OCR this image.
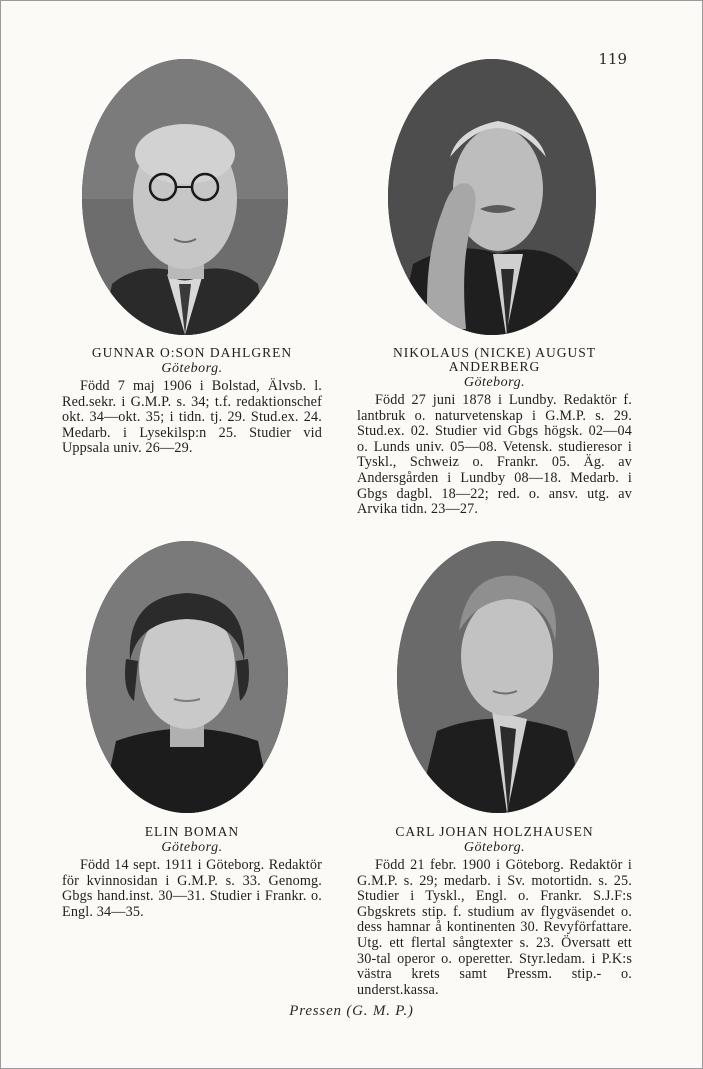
119
GUNNAR O:SON DAHLGREN
Göteborg.

Född 7 maj 1906 i Bolstad, Älvsb. l. Red.sekr. i G.M.P. s. 34; t.f. redaktionschef okt. 34—okt. 35; i tidn. tj. 29. Stud.ex. 24. Medarb. i Lysekilsp:n 25. Studier vid Uppsala univ. 26—29.

NIKOLAUS (NICKE) AUGUST ANDERBERG
Göteborg.

Född 27 juni 1878 i Lundby. Redaktör f. lantbruk o. naturvetenskap i G.M.P. s. 29. Stud.ex. 02. Studier vid Gbgs högsk. 02—04 o. Lunds univ. 05—08. Vetensk. studieresor i Tyskl., Schweiz o. Frankr. 05. Äg. av Andersgården i Lundby 08—18. Medarb. i Gbgs dagbl. 18—22; red. o. ansv. utg. av Arvika tidn. 23—27.

ELIN BOMAN
Göteborg.

Född 14 sept. 1911 i Göteborg. Redaktör för kvinnosidan i G.M.P. s. 33. Genomg. Gbgs hand.inst. 30—31. Studier i Frankr. o. Engl. 34—35.

CARL JOHAN HOLZHAUSEN
Göteborg.

Född 21 febr. 1900 i Göteborg. Redaktör i G.M.P. s. 29; medarb. i Sv. motortidn. s. 25. Studier i Tyskl., Engl. o. Frankr. S.J.F:s Gbgskrets stip. f. studium av flygväsendet o. dess hamnar å kontinenten 30. Revyförfattare. Utg. ett flertal sångtexter s. 23. Översatt ett 30-tal operor o. operetter. Styr.ledam. i P.K:s västra krets samt Pressm. stip.- o. underst.kassa.

Pressen (G. M. P.)
